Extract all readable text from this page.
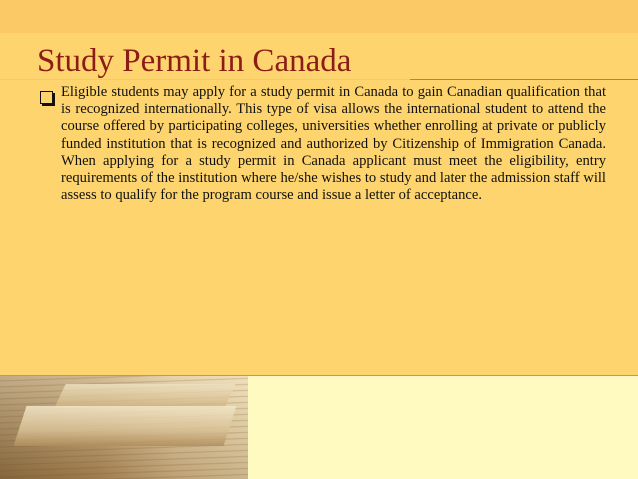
Study Permit in Canada

Eligible students may apply for a study permit in Canada to gain Canadian qualification that is recognized internationally. This type of visa allows the international student to attend the course offered by participating colleges, universities whether enrolling at private or publicly funded institution that is recognized and authorized by Citizenship of Immigration Canada. When applying for a study permit in Canada applicant must meet the eligibility, entry requirements of the institution where he/she wishes to study and later the admission staff will assess to qualify for the program course and issue a letter of acceptance.
